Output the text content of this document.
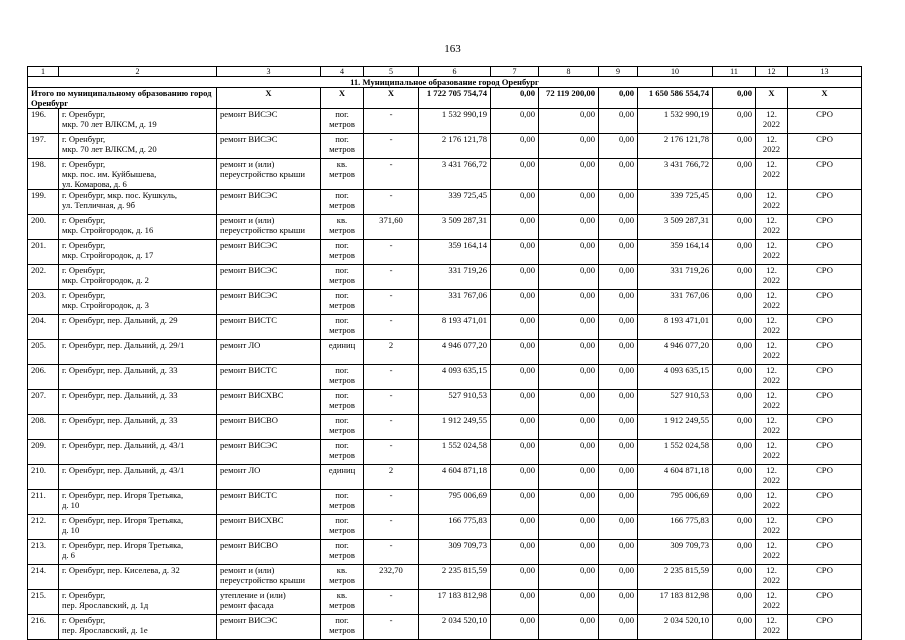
163
1	2	3	4	5	6	7	8	9	10	11	12	13
11. Муниципальное образование город Оренбург												
Итого по муниципальному образованию город Оренбург		X	X	X	1 722 705 754,74	0,00	72 119 200,00	0,00	1 650 586 554,74	0,00	X	X
196.	г. Оренбург,
мкр. 70 лет ВЛКСМ, д. 19	ремонт ВИСЭС	пог.
метров	-	1 532 990,19	0,00	0,00	0,00	1 532 990,19	0,00	12.
2022	СРО
197.	г. Оренбург,
мкр. 70 лет ВЛКСМ, д. 20	ремонт ВИСЭС	пог.
метров	-	2 176 121,78	0,00	0,00	0,00	2 176 121,78	0,00	12.
2022	СРО
198.	г. Оренбург,
мкр. пос. им. Куйбышева,
ул. Комарова, д. 6	ремонт и (или)
переустройство крыши	кв.
метров	-	3 431 766,72	0,00	0,00	0,00	3 431 766,72	0,00	12.
2022	СРО
199.	г. Оренбург, мкр. пос. Кушкуль,
ул. Тепличная, д. 9б	ремонт ВИСЭС	пог.
метров	-	339 725,45	0,00	0,00	0,00	339 725,45	0,00	12.
2022	СРО
200.	г. Оренбург,
мкр. Стройгородок, д. 16	ремонт и (или)
переустройство крыши	кв.
метров	371,60	3 509 287,31	0,00	0,00	0,00	3 509 287,31	0,00	12.
2022	СРО
201.	г. Оренбург,
мкр. Стройгородок, д. 17	ремонт ВИСЭС	пог.
метров	-	359 164,14	0,00	0,00	0,00	359 164,14	0,00	12.
2022	СРО
202.	г. Оренбург,
мкр. Стройгородок, д. 2	ремонт ВИСЭС	пог.
метров	-	331 719,26	0,00	0,00	0,00	331 719,26	0,00	12.
2022	СРО
203.	г. Оренбург,
мкр. Стройгородок, д. 3	ремонт ВИСЭС	пог.
метров	-	331 767,06	0,00	0,00	0,00	331 767,06	0,00	12.
2022	СРО
204.	г. Оренбург, пер. Дальний, д. 29	ремонт ВИСТС	пог.
метров	-	8 193 471,01	0,00	0,00	0,00	8 193 471,01	0,00	12.
2022	СРО
205.	г. Оренбург, пер. Дальний, д. 29/1	ремонт ЛО	единиц	2	4 946 077,20	0,00	0,00	0,00	4 946 077,20	0,00	12.
2022	СРО
206.	г. Оренбург, пер. Дальний, д. 33	ремонт ВИСТС	пог.
метров	-	4 093 635,15	0,00	0,00	0,00	4 093 635,15	0,00	12.
2022	СРО
207.	г. Оренбург, пер. Дальний, д. 33	ремонт ВИСХВС	пог.
метров	-	527 910,53	0,00	0,00	0,00	527 910,53	0,00	12.
2022	СРО
208.	г. Оренбург, пер. Дальний, д. 33	ремонт ВИСВО	пог.
метров	-	1 912 249,55	0,00	0,00	0,00	1 912 249,55	0,00	12.
2022	СРО
209.	г. Оренбург, пер. Дальний, д. 43/1	ремонт ВИСЭС	пог.
метров	-	1 552 024,58	0,00	0,00	0,00	1 552 024,58	0,00	12.
2022	СРО
210.	г. Оренбург, пер. Дальний, д. 43/1	ремонт ЛО	единиц	2	4 604 871,18	0,00	0,00	0,00	4 604 871,18	0,00	12.
2022	СРО
211.	г. Оренбург, пер. Игоря Третьяка,
д. 10	ремонт ВИСТС	пог.
метров	-	795 006,69	0,00	0,00	0,00	795 006,69	0,00	12.
2022	СРО
212.	г. Оренбург, пер. Игоря Третьяка,
д. 10	ремонт ВИСХВС	пог.
метров	-	166 775,83	0,00	0,00	0,00	166 775,83	0,00	12.
2022	СРО
213.	г. Оренбург, пер. Игоря Третьяка,
д. 6	ремонт ВИСВО	пог.
метров	-	309 709,73	0,00	0,00	0,00	309 709,73	0,00	12.
2022	СРО
214.	г. Оренбург, пер. Киселева, д. 32	ремонт и (или)
переустройство крыши	кв.
метров	232,70	2 235 815,59	0,00	0,00	0,00	2 235 815,59	0,00	12.
2022	СРО
215.	г. Оренбург,
пер. Ярославский, д. 1д	утепление и (или)
ремонт фасада	кв.
метров	-	17 183 812,98	0,00	0,00	0,00	17 183 812,98	0,00	12.
2022	СРО
216.	г. Оренбург,
пер. Ярославский, д. 1е	ремонт ВИСЭС	пог.
метров	-	2 034 520,10	0,00	0,00	0,00	2 034 520,10	0,00	12.
2022	СРО
